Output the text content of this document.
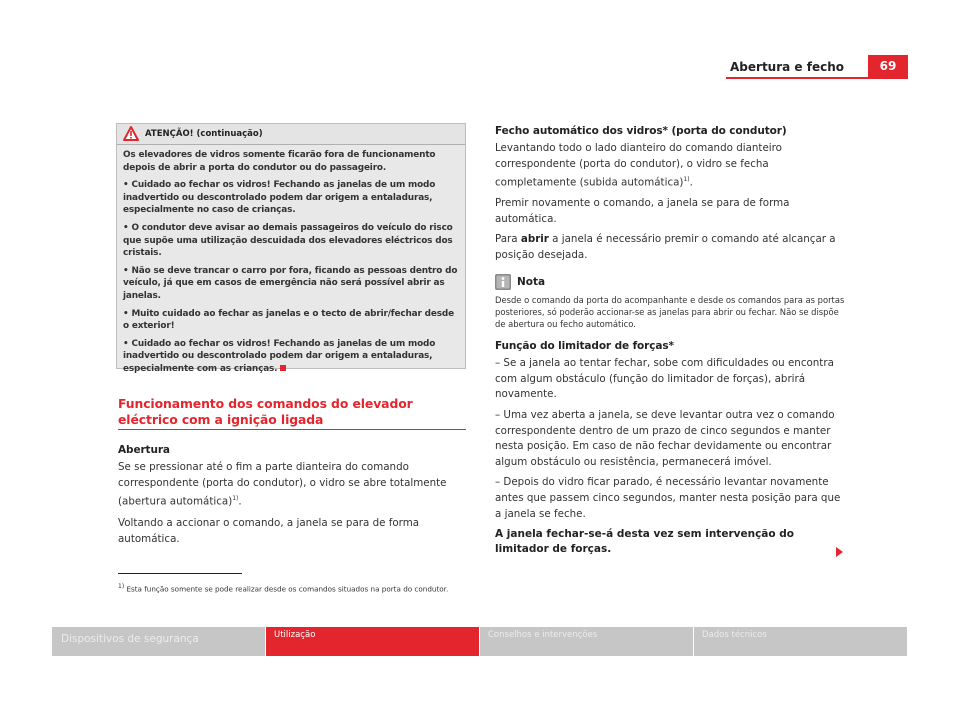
Abertura e fecho	69
ATENÇÃO! (continuação)

Os elevadores de vidros somente ficarão fora de funcionamento depois de abrir a porta do condutor ou do passageiro.

• Cuidado ao fechar os vidros! Fechando as janelas de um modo inadvertido ou descontrolado podem dar origem a entaladuras, especialmente no caso de crianças.

• O condutor deve avisar ao demais passageiros do veículo do risco que supõe uma utilização descuidada dos elevadores eléctricos dos cristais.

• Não se deve trancar o carro por fora, ficando as pessoas dentro do veículo, já que em casos de emergência não será possível abrir as janelas.

• Muito cuidado ao fechar as janelas e o tecto de abrir/fechar desde o exterior!

• Cuidado ao fechar os vidros! Fechando as janelas de um modo inadvertido ou descontrolado podem dar origem a entaladuras, especialmente com as crianças.

Funcionamento dos comandos do elevador eléctrico com a ignição ligada
Abertura

Se se pressionar até o fim a parte dianteira do comando correspondente (porta do condutor), o vidro se abre totalmente (abertura automática)$^{1)}$.

Voltando a accionar o comando, a janela se para de forma automática.

Fecho automático dos vidros* (porta do condutor)

Levantando todo o lado dianteiro do comando dianteiro correspondente (porta do condutor), o vidro se fecha completamente (subida automática)$^{1)}$.

Premir novamente o comando, a janela se para de forma automática.

Para abrir a janela é necessário premir o comando até alcançar a posição desejada.

Nota

Desde o comando da porta do acompanhante e desde os comandos para as portas posteriores, só poderão accionar-se as janelas para abrir ou fechar. Não se dispõe de abertura ou fecho automático.

Função do limitador de forças*

– Se a janela ao tentar fechar, sobe com dificuldades ou encontra com algum obstáculo (função do limitador de forças), abrirá novamente.

– Uma vez aberta a janela, se deve levantar outra vez o comando correspondente dentro de um prazo de cinco segundos e manter nesta posição. Em caso de não fechar devidamente ou encontrar algum obstáculo ou resistência, permanecerá imóvel.

– Depois do vidro ficar parado, é necessário levantar novamente antes que passem cinco segundos, manter nesta posição para que a janela se feche.

A janela fechar-se-á desta vez sem intervenção do limitador de forças.

$^{1)}$ Esta função somente se pode realizar desde os comandos situados na porta do condutor.
Dispositivos de segurança	Utilização	Conselhos e intervenções	Dados técnicos
